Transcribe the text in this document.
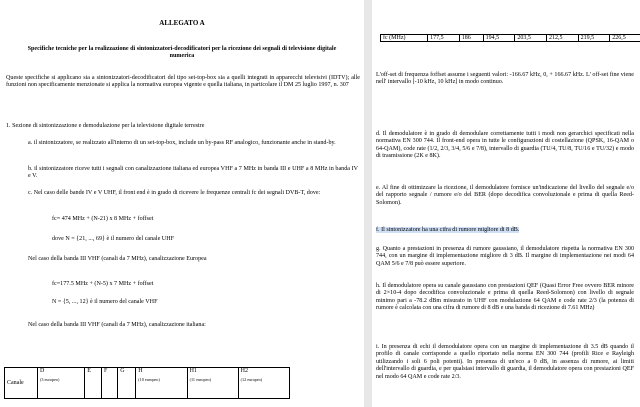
ALLEGATO A

Specifiche tecniche per la realizzazione di sintonizzatori-decodificatori per la ricezione dei segnali di televisione digitale numerica

Queste specifiche si applicano sia a sintonizzatori-decodificatori del tipo set-top-box sia a quelli integrati in apparecchi televisivi (IDTV); alle funzioni non specificamente menzionate si applica la normativa europea vigente e quella italiana, in particolare il DM 25 luglio 1997, n. 307

1. Sezione di sintonizzazione e demodulazione per la televisione digitale terrestre

a. il sintonizzatore, se realizzato all'interno di un set-top-box, include un by-pass RF analogico, funzionante anche in stand-by.

b. il sintonizzatore riceve tutti i segnali con canalizzazione italiana ed europea VHF a 7 MHz in banda III e UHF a 8 MHz in banda IV e V.

c. Nel caso delle bande IV e V UHF, il front end è in grado di ricevere le frequenze centrali fc dei segnali DVB-T, dove:

fc= 474 MHz + (N-21) x 8 MHz + foffset

dove N = {21, ..., 69} è il numero del canale UHF

Nel caso della banda III VHF (canali da 7 MHz), canalizzazione Europea

fc=177.5 MHz + (N-5) x 7 MHz + foffset

N = {5, ..., 12} è il numero del canale VHF

Nel caso della banda III VHF (canali da 7 MHz), canalizzazione italiana:

Canale	D
(3 europeo)
	E	F	G	H
(10 europeo)
	H1
(11 europeo)
	H2
(12 europeo)
fc (MHz)	177,5	186	194,5	203,5	212,5	219,5	226,5

L'off-set di frequenza foffset assume i seguenti valori: -166.67 kHz, 0, + 166.67 kHz. L' off-set fine viene nell' intervallo [-10 kHz, 10 kHz] in modo continuo.

d. Il demodulatore è in grado di demodulare correttamente tutti i modi non gerarchici specificati nella normativa EN 300 744. Il front-end opera in tutte le configurazioni di costellazione (QPSK, 16-QAM o 64-QAM), code rate (1/2, 2/3, 3/4, 5/6 e 7/8), intervallo di guardia (TU/4, TU/8, TU/16 e TU/32) e modo di trasmissione (2K e 8K).

e. Al fine di ottimizzare la ricezione, il demodulatore fornisce un'indicazione del livello del segnale e/o del rapporto segnale / rumore e/o del BER (dopo decodifica convoluzionale e prima di quella Reed-Solomon).

f. Il sintonizzatore ha una cifra di rumore migliore di 8 dB.

g. Quanto a prestazioni in presenza di rumore gaussiano, il demodulatore rispetta la normativa EN 300 744, con un margine di implementazione migliore di 3 dB. Il margine di implementazione nei modi 64 QAM 5/6 e 7/8 può essere superiore.

h. Il demodulatore opera su canale gaussiano con prestazioni QEF (Quasi Error Free ovvero BER minore di 2×10-4 dopo decodifica convoluzionale e prima di quella Reed-Solomon) con livello di segnale minimo pari a -78.2 dBm misurato in UHF con modulazione 64 QAM e code rate 2/3 (la potenza di rumore è calcolata con una cifra di rumore di 8 dB e una banda di ricezione di 7.61 MHz)

i. In presenza di echi il demodulatore opera con un margine di implementazione di 3.5 dB quando il profilo di canale corrisponde a quello riportato nella norma EN 300 744 (profili Rice e Rayleigh utilizzando i soli 6 poli potenti). In presenza di un'eco a 0 dB, in assenza di rumore, ai limiti dell'intervallo di guardia, e per qualsiasi intervallo di guardia, il demodulatore opera con prestazioni QEF nel modo 64 QAM e code rate 2/3.
